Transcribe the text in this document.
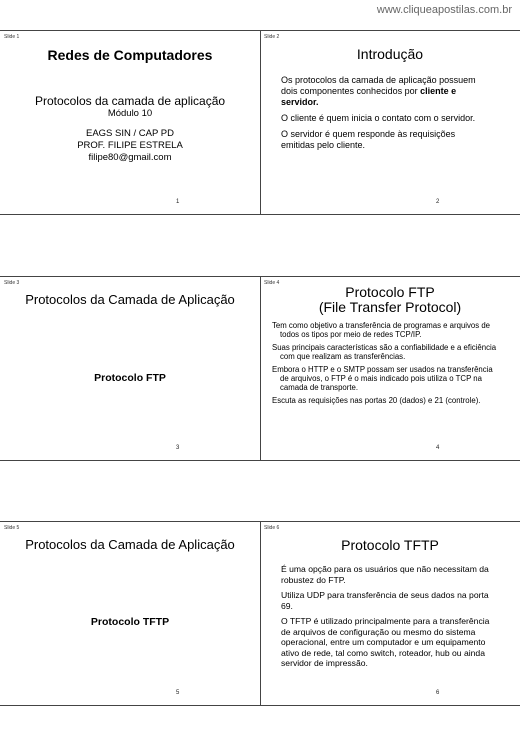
www.cliqueapostilas.com.br
Slide 1
Redes de Computadores
Protocolos da camada de aplicação
Módulo 10
EAGS SIN / CAP PD
PROF. FILIPE ESTRELA
filipe80@gmail.com
1
Slide 2
Introdução

Os protocolos da camada de aplicação possuem dois componentes conhecidos por cliente e servidor.

O cliente é quem inicia o contato com o servidor.

O servidor é quem responde às requisições emitidas pelo cliente.

2
Slide 3
Protocolos da Camada de Aplicação
Protocolo FTP
3
Slide 4
Protocolo FTP
(File Transfer Protocol)

Tem como objetivo a transferência de programas e arquivos de todos os tipos por meio de redes TCP/IP.

Suas principais características são a confiabilidade e a eficiência com que realizam as transferências.

Embora o HTTP e o SMTP possam ser usados na transferência de arquivos, o FTP é o mais indicado pois utiliza o TCP na camada de transporte.

Escuta as requisições nas portas 20 (dados) e 21 (controle).

4
Slide 5
Protocolos da Camada de Aplicação
Protocolo TFTP
5
Slide 6
Protocolo TFTP

É uma opção para os usuários que não necessitam da robustez do FTP.

Utiliza UDP para transferência de seus dados na porta 69.

O TFTP é utilizado principalmente para a transferência de arquivos de configuração ou mesmo do sistema operacional, entre um computador e um equipamento ativo de rede, tal como switch, roteador, hub ou ainda servidor de impressão.

6
